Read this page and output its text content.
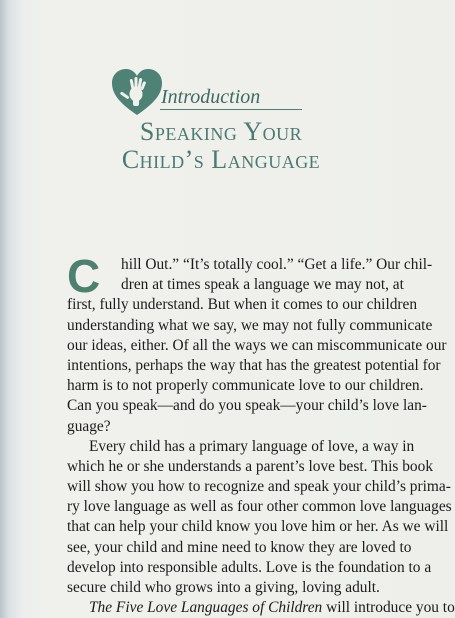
Introduction
Speaking Your
Child’s Language
C	hill Out.” “It’s totally cool.” “Get a life.” Our chil-
dren at times speak a language we may not, at
first, fully understand. But when it comes to our children
understanding what we say, we may not fully communicate
our ideas, either. Of all the ways we can miscommunicate our
intentions, perhaps the way that has the greatest potential for
harm is to not properly communicate love to our children.
Can you speak—and do you speak—your child’s love lan-
guage?
Every child has a primary language of love, a way in
which he or she understands a parent’s love best. This book
will show you how to recognize and speak your child’s prima-
ry love language as well as four other common love languages
that can help your child know you love him or her. As we will
see, your child and mine need to know they are loved to
develop into responsible adults. Love is the foundation to a
secure child who grows into a giving, loving adult.
The Five Love Languages of Children will introduce you to
